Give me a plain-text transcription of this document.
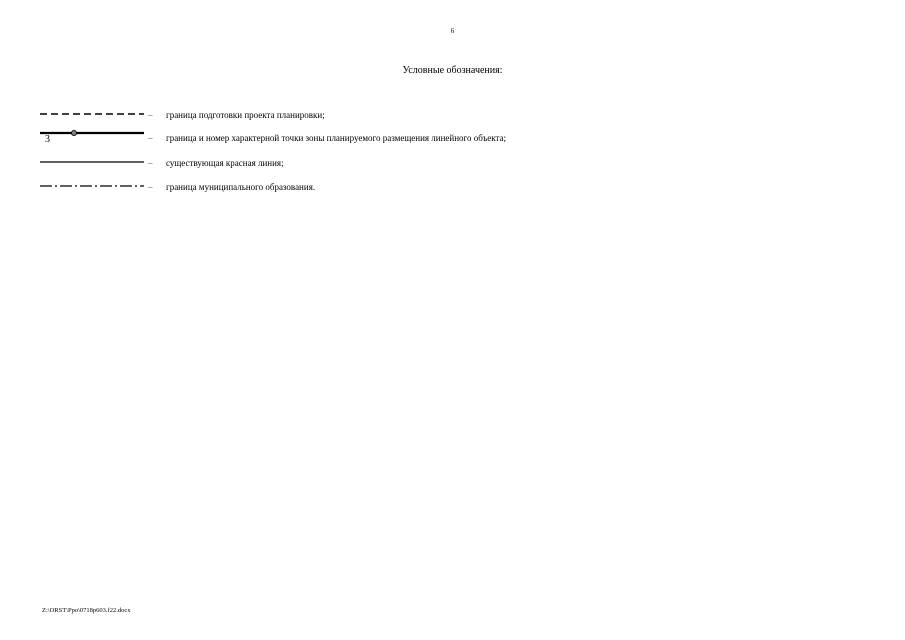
6
Условные обозначения:
–	граница подготовки проекта планировки;
3	–	граница и номер характерной точки зоны планируемого размещения линейного объекта;
–	существующая красная линия;
–	граница муниципального образования.
Z:\ORST\Ppo\0718p603.f22.docx
